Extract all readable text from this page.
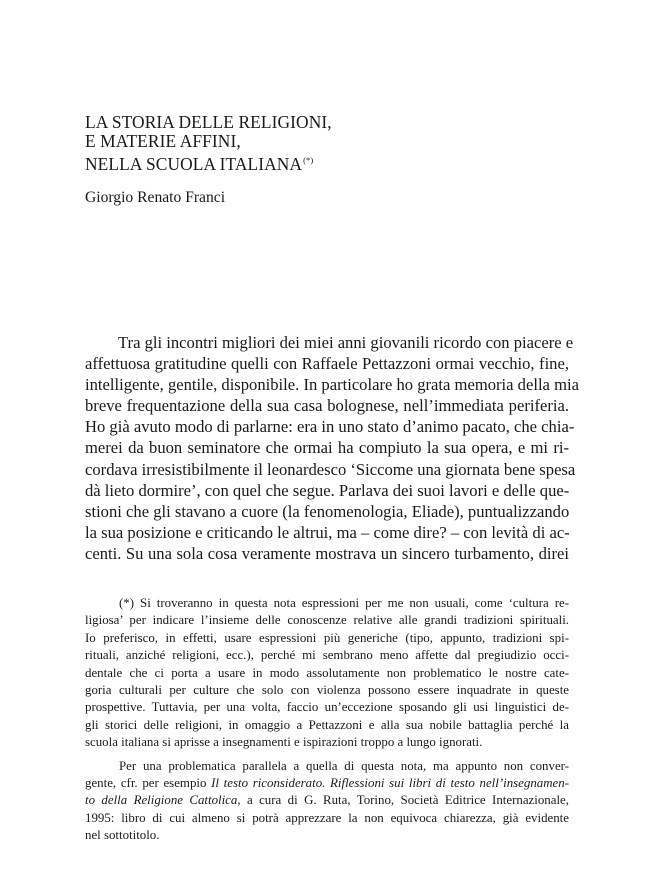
LA STORIA DELLE RELIGIONI,
E MATERIE AFFINI,
NELLA SCUOLA ITALIANA(*)
Giorgio Renato Franci
Tra gli incontri migliori dei miei anni giovanili ricordo con piacere e
affettuosa gratitudine quelli con Raffaele Pettazzoni ormai vecchio, fine,
intelligente, gentile, disponibile. In particolare ho grata memoria della mia
breve frequentazione della sua casa bolognese, nell’immediata periferia.
Ho già avuto modo di parlarne: era in uno stato d’animo pacato, che chia-
merei da buon seminatore che ormai ha compiuto la sua opera, e mi ri-
cordava irresistibilmente il leonardesco ‘Siccome una giornata bene spesa
dà lieto dormire’, con quel che segue. Parlava dei suoi lavori e delle que-
stioni che gli stavano a cuore (la fenomenologia, Eliade), puntualizzando
la sua posizione e criticando le altrui, ma – come dire? – con levità di ac-
centi. Su una sola cosa veramente mostrava un sincero turbamento, direi
(*) Si troveranno in questa nota espressioni per me non usuali, come ‘cultura re-
ligiosa’ per indicare l’insieme delle conoscenze relative alle grandi tradizioni spirituali.
Io preferisco, in effetti, usare espressioni più generiche (tipo, appunto, tradizioni spi-
rituali, anziché religioni, ecc.), perché mi sembrano meno affette dal pregiudizio occi-
dentale che ci porta a usare in modo assolutamente non problematico le nostre cate-
goria culturali per culture che solo con violenza possono essere inquadrate in queste
prospettive. Tuttavia, per una volta, faccio un’eccezione sposando gli usi linguistici de-
gli storici delle religioni, in omaggio a Pettazzoni e alla sua nobile battaglia perché la
scuola italiana si aprisse a insegnamenti e ispirazioni troppo a lungo ignorati.
Per una problematica parallela a quella di questa nota, ma appunto non conver-
gente, cfr. per esempio Il testo riconsiderato. Riflessioni sui libri di testo nell’insegnamen-
to della Religione Cattolica, a cura di G. Ruta, Torino, Società Editrice Internazionale,
1995: libro di cui almeno si potrà apprezzare la non equivoca chiarezza, già evidente
nel sottotitolo.
